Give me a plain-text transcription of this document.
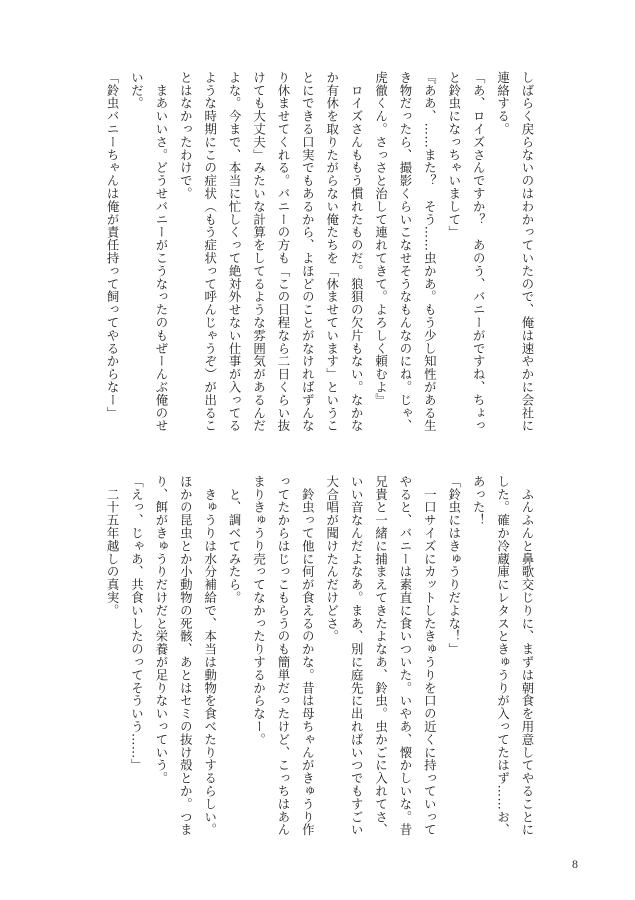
しばらく戻らないのはわかっていたので、俺は速やかに会社に
連絡する。
「あ、ロイズさんですか？　あのう、バニーがですね、ちょっ
と鈴虫になっちゃいまして」
『ああ、……また？　そう……虫かあ。もう少し知性がある生
き物だったら、撮影くらいこなせそうなもんなのにね。じゃ、
虎徹くん。さっさと治して連れてきて。よろしく頼むよ』
　ロイズさんももう慣れたものだ。狼狽の欠片もない。なかな
か有休を取りたがらない俺たちを「休ませています」というこ
とにできる口実でもあるから、よほどのことがなければずんな
り休ませてくれる。バニーの方も「この日程なら二日くらい抜
けても大丈夫」みたいな計算をしてるような雰囲気があるんだ
よな。今まで、本当に忙しくって絶対外せない仕事が入ってる
ような時期にこの症状（もう症状って呼んじゃうぞ）が出るこ
とはなかったわけで。
　まあいいさ。どうせバニーがこうなったのもぜーんぶ俺のせ
いだ。
「鈴虫バニーちゃんは俺が責任持って飼ってやるからなー」
　ふんふんと鼻歌交じりに、まずは朝食を用意してやることに
した。確か冷蔵庫にレタスときゅうりが入ってたはず……お、
あった！
「鈴虫にはきゅうりだよな！」
　一口サイズにカットしたきゅうりを口の近くに持っていって
やると、バニーは素直に食いついた。いやあ、懐かしいな。昔
兄貴と一緒に捕まえてきたよなあ、鈴虫。虫かごに入れてさ、
いい音なんだよなあ。まあ、別に庭先に出ればいつでもすごい
大合唱が聞けたんだけどさ。
　鈴虫って他に何が食えるのかな。昔は母ちゃんがきゅうり作
ってたからはじっこもらうのも簡単だったけど、こっちはあん
まりきゅうり売ってなかったりするからなー。
　と、調べてみたら。
　きゅうりは水分補給で、本当は動物を食べたりするらしい。
ほかの昆虫とか小動物の死骸、あとはセミの抜け殻とか。つま
り、餌がきゅうりだけだと栄養が足りないっていう。
「えっ、じゃあ、共食いしたのってそういう……」
　二十五年越しの真実。
8
